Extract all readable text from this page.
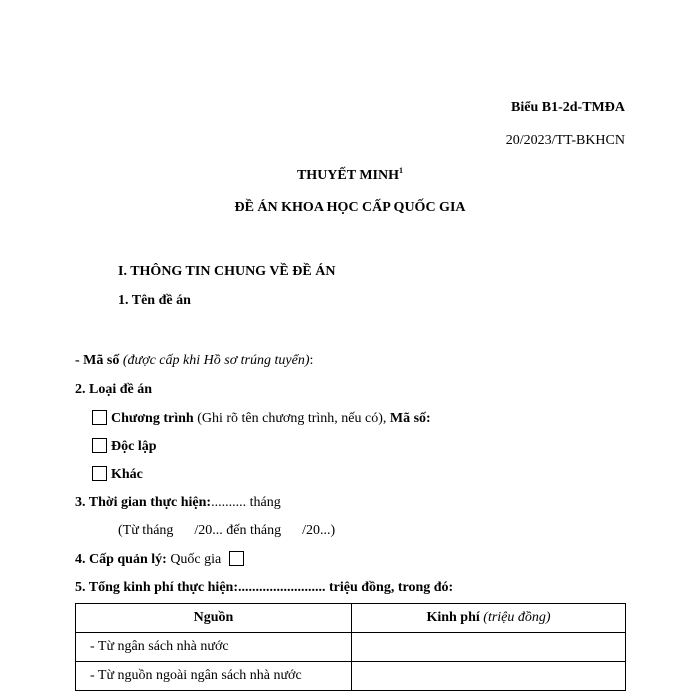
Biểu B1-2d-TMĐA
20/2023/TT-BKHCN
THUYẾT MINH$^1$
ĐỀ ÁN KHOA HỌC CẤP QUỐC GIA
I. THÔNG TIN CHUNG VỀ ĐỀ ÁN
1. Tên đề án
- Mã số (được cấp khi Hồ sơ trúng tuyển):
2. Loại đề án
Chương trình (Ghi rõ tên chương trình, nếu có), Mã số:
Độc lập
Khác
3. Thời gian thực hiện:.......... tháng
(Từ tháng      /20... đến tháng      /20...)
4. Cấp quản lý: Quốc gia
5. Tổng kinh phí thực hiện:......................... triệu đồng, trong đó:
Nguồn	Kinh phí (triệu đồng)
- Từ ngân sách nhà nước	
- Từ nguồn ngoài ngân sách nhà nước	
